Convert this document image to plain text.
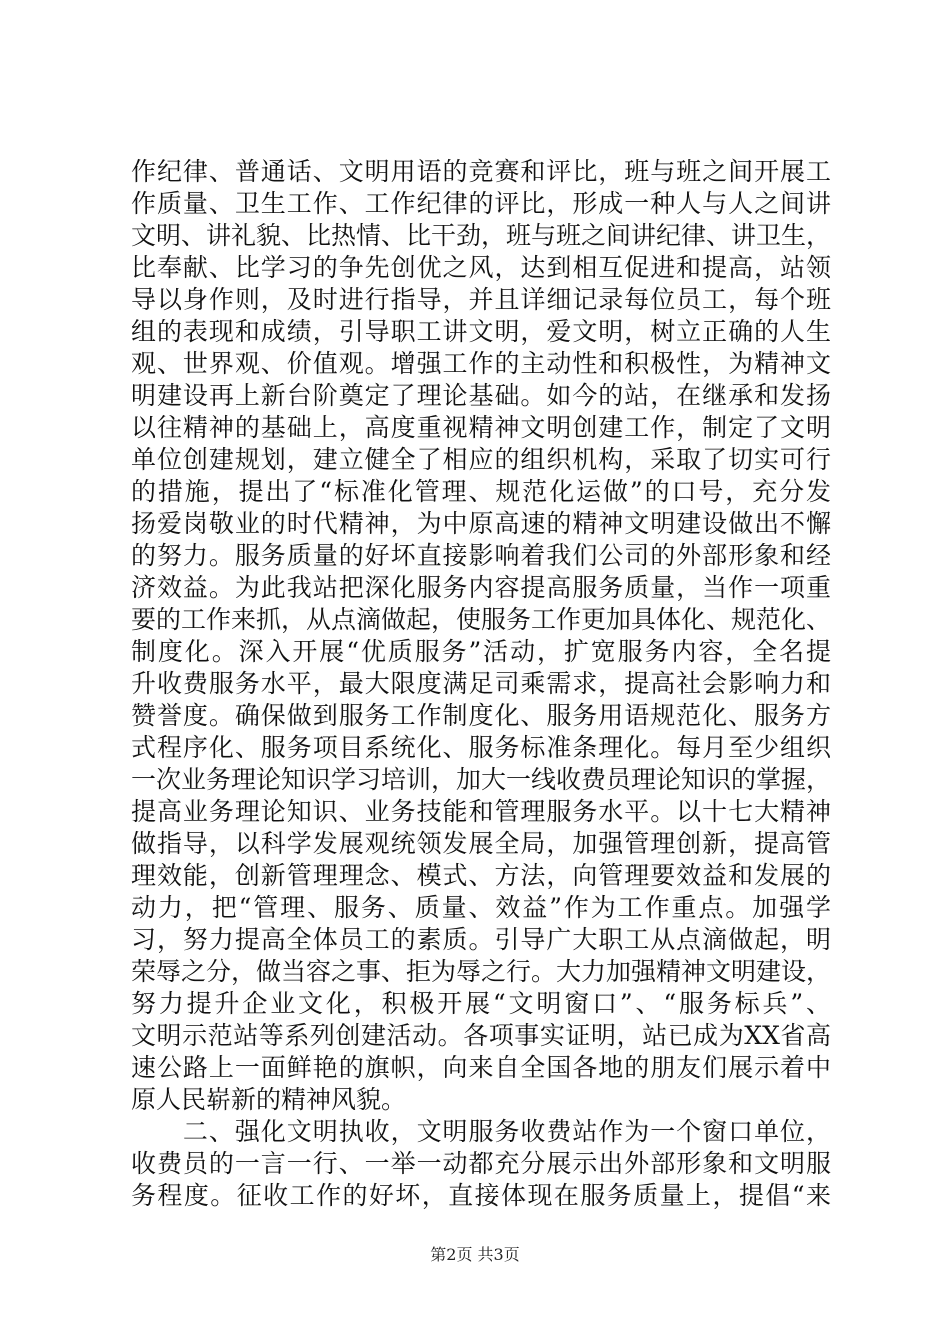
作纪律、普通话、文明用语的竞赛和评比，班与班之间开展工
作质量、卫生工作、工作纪律的评比，形成一种人与人之间讲
文明、讲礼貌、比热情、比干劲，班与班之间讲纪律、讲卫生，
比奉献、比学习的争先创优之风，达到相互促进和提高，站领
导以身作则，及时进行指导，并且详细记录每位员工，每个班
组的表现和成绩，引导职工讲文明，爱文明，树立正确的人生
观、世界观、价值观。增强工作的主动性和积极性，为精神文
明建设再上新台阶奠定了理论基础。如今的站，在继承和发扬
以往精神的基础上，高度重视精神文明创建工作，制定了文明
单位创建规划，建立健全了相应的组织机构，采取了切实可行
的措施，提出了“标准化管理、规范化运做”的口号，充分发
扬爱岗敬业的时代精神，为中原高速的精神文明建设做出不懈
的努力。服务质量的好坏直接影响着我们公司的外部形象和经
济效益。为此我站把深化服务内容提高服务质量，当作一项重
要的工作来抓，从点滴做起，使服务工作更加具体化、规范化、
制度化。深入开展“优质服务”活动，扩宽服务内容，全名提
升收费服务水平，最大限度满足司乘需求，提高社会影响力和
赞誉度。确保做到服务工作制度化、服务用语规范化、服务方
式程序化、服务项目系统化、服务标准条理化。每月至少组织
一次业务理论知识学习培训，加大一线收费员理论知识的掌握，
提高业务理论知识、业务技能和管理服务水平。以十七大精神
做指导，以科学发展观统领发展全局，加强管理创新，提高管
理效能，创新管理理念、模式、方法，向管理要效益和发展的
动力，把“管理、服务、质量、效益”作为工作重点。加强学
习，努力提高全体员工的素质。引导广大职工从点滴做起，明
荣辱之分，做当容之事、拒为辱之行。大力加强精神文明建设，
努力提升企业文化，积极开展“文明窗口”、“服务标兵”、
文明示范站等系列创建活动。各项事实证明，站已成为XX省高
速公路上一面鲜艳的旗帜，向来自全国各地的朋友们展示着中
原人民崭新的精神风貌。
　　二、强化文明执收，文明服务收费站作为一个窗口单位，
收费员的一言一行、一举一动都充分展示出外部形象和文明服
务程度。征收工作的好坏，直接体现在服务质量上，提倡“来
第2页 共3页
